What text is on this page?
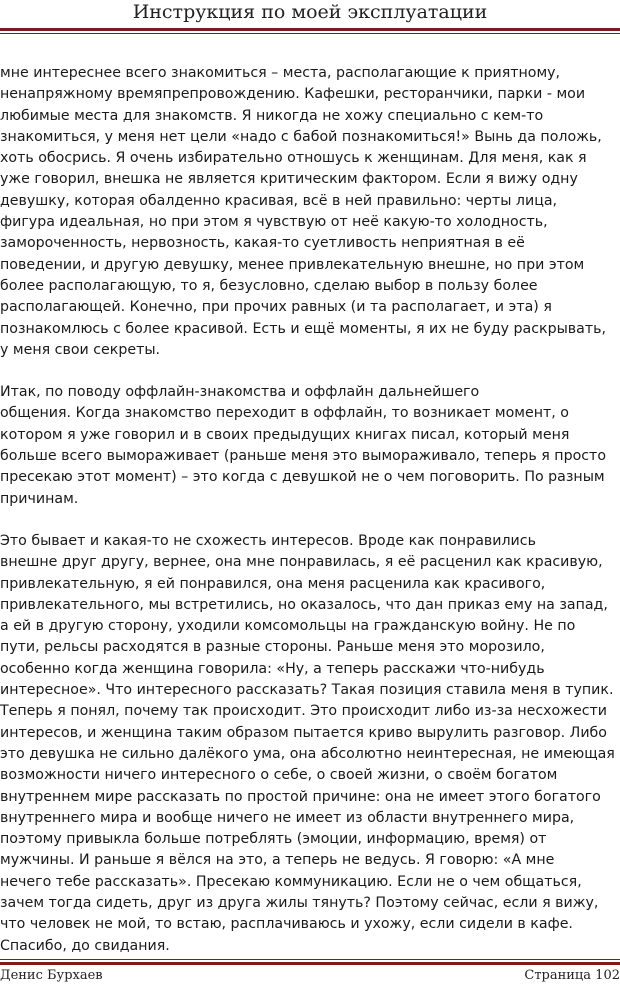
Инструкция по моей эксплуатации

мне интереснее всего знакомиться – места, располагающие к приятному,
ненапряжному времяпрепровождению. Кафешки, ресторанчики, парки - мои
любимые места для знакомств. Я никогда не хожу специально с кем-то
знакомиться, у меня нет цели «надо с бабой познакомиться!» Вынь да положь,
хоть обосрись. Я очень избирательно отношусь к женщинам. Для меня, как я
уже говорил, внешка не является критическим фактором. Если я вижу одну
девушку, которая обалденно красивая, всё в ней правильно: черты лица,
фигура идеальная, но при этом я чувствую от неё какую-то холодность,
замороченность, нервозность, какая-то суетливость неприятная в её
поведении, и другую девушку, менее привлекательную внешне, но при этом
более располагающую, то я, безусловно, сделаю выбор в пользу более
располагающей. Конечно, при прочих равных (и та располагает, и эта) я
познакомлюсь с более красивой. Есть и ещё моменты, я их не буду раскрывать,
у меня свои секреты.

Итак, по поводу оффлайн-знакомства и оффлайн дальнейшего
общения. Когда знакомство переходит в оффлайн, то возникает момент, о
котором я уже говорил и в своих предыдущих книгах писал, который меня
больше всего выморaживает (раньше меня это выморaживало, теперь я просто
пресекаю этот момент) – это когда с девушкой не о чем поговорить. По разным
причинам.

Это бывает и какая-то не схожесть интересов. Вроде как понравились
внешне друг другу, вернее, она мне понравилась, я её расценил как красивую,
привлекательную, я ей понравился, она меня расценила как красивого,
привлекательного, мы встретились, но оказалось, что дан приказ ему на запад,
а ей в другую сторону, уходили комсомольцы на гражданскую войну. Не по
пути, рельсы расходятся в разные стороны. Раньше меня это морозило,
особенно когда женщина говорила: «Ну, а теперь расскажи что-нибудь
интересное». Что интересного рассказать? Такая позиция ставила меня в тупик.
Теперь я понял, почему так происходит. Это происходит либо из-за несхожести
интересов, и женщина таким образом пытается криво вырулить разговор. Либо
это девушка не сильно далёкого ума, она абсолютно неинтересная, не имеющая
возможности ничего интересного о себе, о своей жизни, о своём богатом
внутреннем мире рассказать по простой причине: она не имеет этого богатого
внутреннего мира и вообще ничего не имеет из области внутреннего мира,
поэтому привыкла больше потреблять (эмоции, информацию, время) от
мужчины. И раньше я вёлся на это, а теперь не ведусь. Я говорю: «А мне
нечего тебе рассказать». Пресекаю коммуникацию. Если не о чем общаться,
зачем тогда сидеть, друг из друга жилы тянуть? Поэтому сейчас, если я вижу,
что человек не мой, то встаю, расплачиваюсь и ухожу, если сидели в кафе.
Спасибо, до свидания.

Денис Бурхаев	Страница 102
